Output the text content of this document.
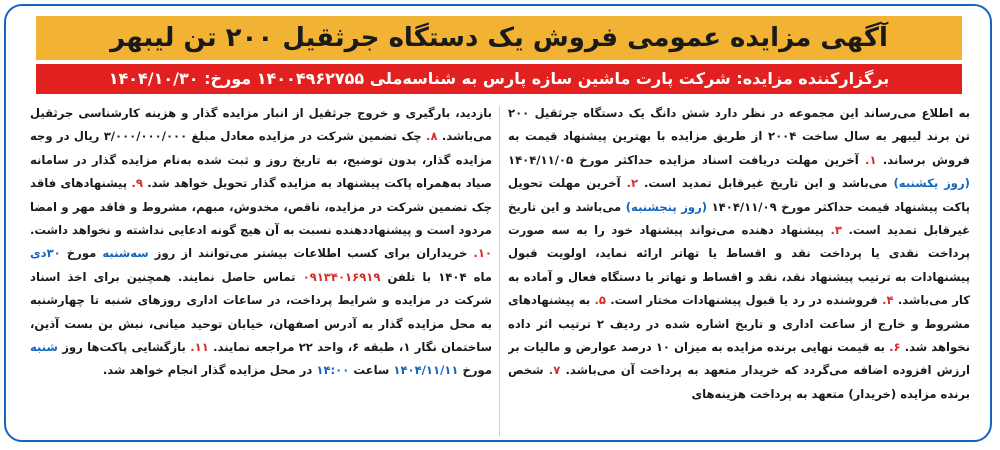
آگهی مزایده عمومی فروش یک دستگاه جرثقیل ۲۰۰ تن لیبهر
برگزارکننده مزایده: شرکت پارت ماشین سازه پارس به شناسه‌ملی ۱۴۰۰۴۹۶۲۷۵۵ مورخ: ۱۴۰۴/۱۰/۳۰

به اطلاع می‌رساند این مجموعه در نظر دارد شش دانگ یک دستگاه جرثقیل ۲۰۰ تن برند لیبهر به سال ساخت ۲۰۰۴ از طریق مزایده با بهترین پیشنهاد قیمت به فروش برساند. ۱. آخرین مهلت دریافت اسناد مزایده حداکثر مورخ ۱۴۰۴/۱۱/۰۵ (روز یکشنبه) می‌باشد و این تاریخ غیرقابل تمدید است. ۲. آخرین مهلت تحویل پاکت پیشنهاد قیمت حداکثر مورخ ۱۴۰۴/۱۱/۰۹ (روز پنجشنبه) می‌باشد و این تاریخ غیرقابل تمدید است. ۳. پیشنهاد دهنده می‌تواند پیشنهاد خود را به سه صورت پرداخت نقدی یا پرداخت نقد و اقساط یا تهاتر ارائه نماید، اولویت قبول پیشنهادات به ترتیب پیشنهاد نقد، نقد و اقساط و تهاتر با دستگاه فعال و آماده به کار می‌باشد. ۴. فروشنده در رد یا قبول پیشنهادات مختار است. ۵. به پیشنهادهای مشروط و خارج از ساعت اداری و تاریخ اشاره شده در ردیف ۲ ترتیب اثر داده نخواهد شد. ۶. به قیمت نهایی برنده مزایده به میزان ۱۰ درصد عوارض و مالیات بر ارزش افزوده اضافه می‌گردد که خریدار متعهد به پرداخت آن می‌باشد. ۷. شخص برنده مزایده (خریدار) متعهد به پرداخت هزینه‌های

بازدید، بارگیری و خروج جرثقیل از انبار مزایده گذار و هزینه کارشناسی جرثقیل می‌باشد. ۸. چک تضمین شرکت در مزایده معادل مبلغ ۳/۰۰۰/۰۰۰/۰۰۰ ریال در وجه مزایده گذار، بدون توضیح، به تاریخ روز و ثبت شده به‌نام مزایده گذار در سامانه صیاد به‌همراه پاکت پیشنهاد به مزایده گذار تحویل خواهد شد. ۹. پیشنهادهای فاقد چک تضمین شرکت در مزایده، ناقص، مخدوش، مبهم، مشروط و فاقد مهر و امضا مردود است و پیشنهاددهنده نسبت به آن هیچ گونه ادعایی نداشته و نخواهد داشت. ۱۰. خریداران برای کسب اطلاعات بیشتر می‌توانند از روز سه‌شنبه مورخ ۳۰دی ماه ۱۴۰۴ با تلفن ۰۹۱۳۴۰۱۶۹۱۹ تماس حاصل نمایند. همچنین برای اخذ اسناد شرکت در مزایده و شرایط پرداخت، در ساعات اداری روزهای شنبه تا چهارشنبه به محل مزایده گذار به آدرس اصفهان، خیابان توحید میانی، نبش بن بست آذین، ساختمان نگار ۱، طبقه ۶، واحد ۲۲ مراجعه نمایند. ۱۱. بازگشایی پاکت‌ها روز شنبه مورخ ۱۴۰۴/۱۱/۱۱ ساعت ۱۴:۰۰ در محل مزایده گذار انجام خواهد شد.
